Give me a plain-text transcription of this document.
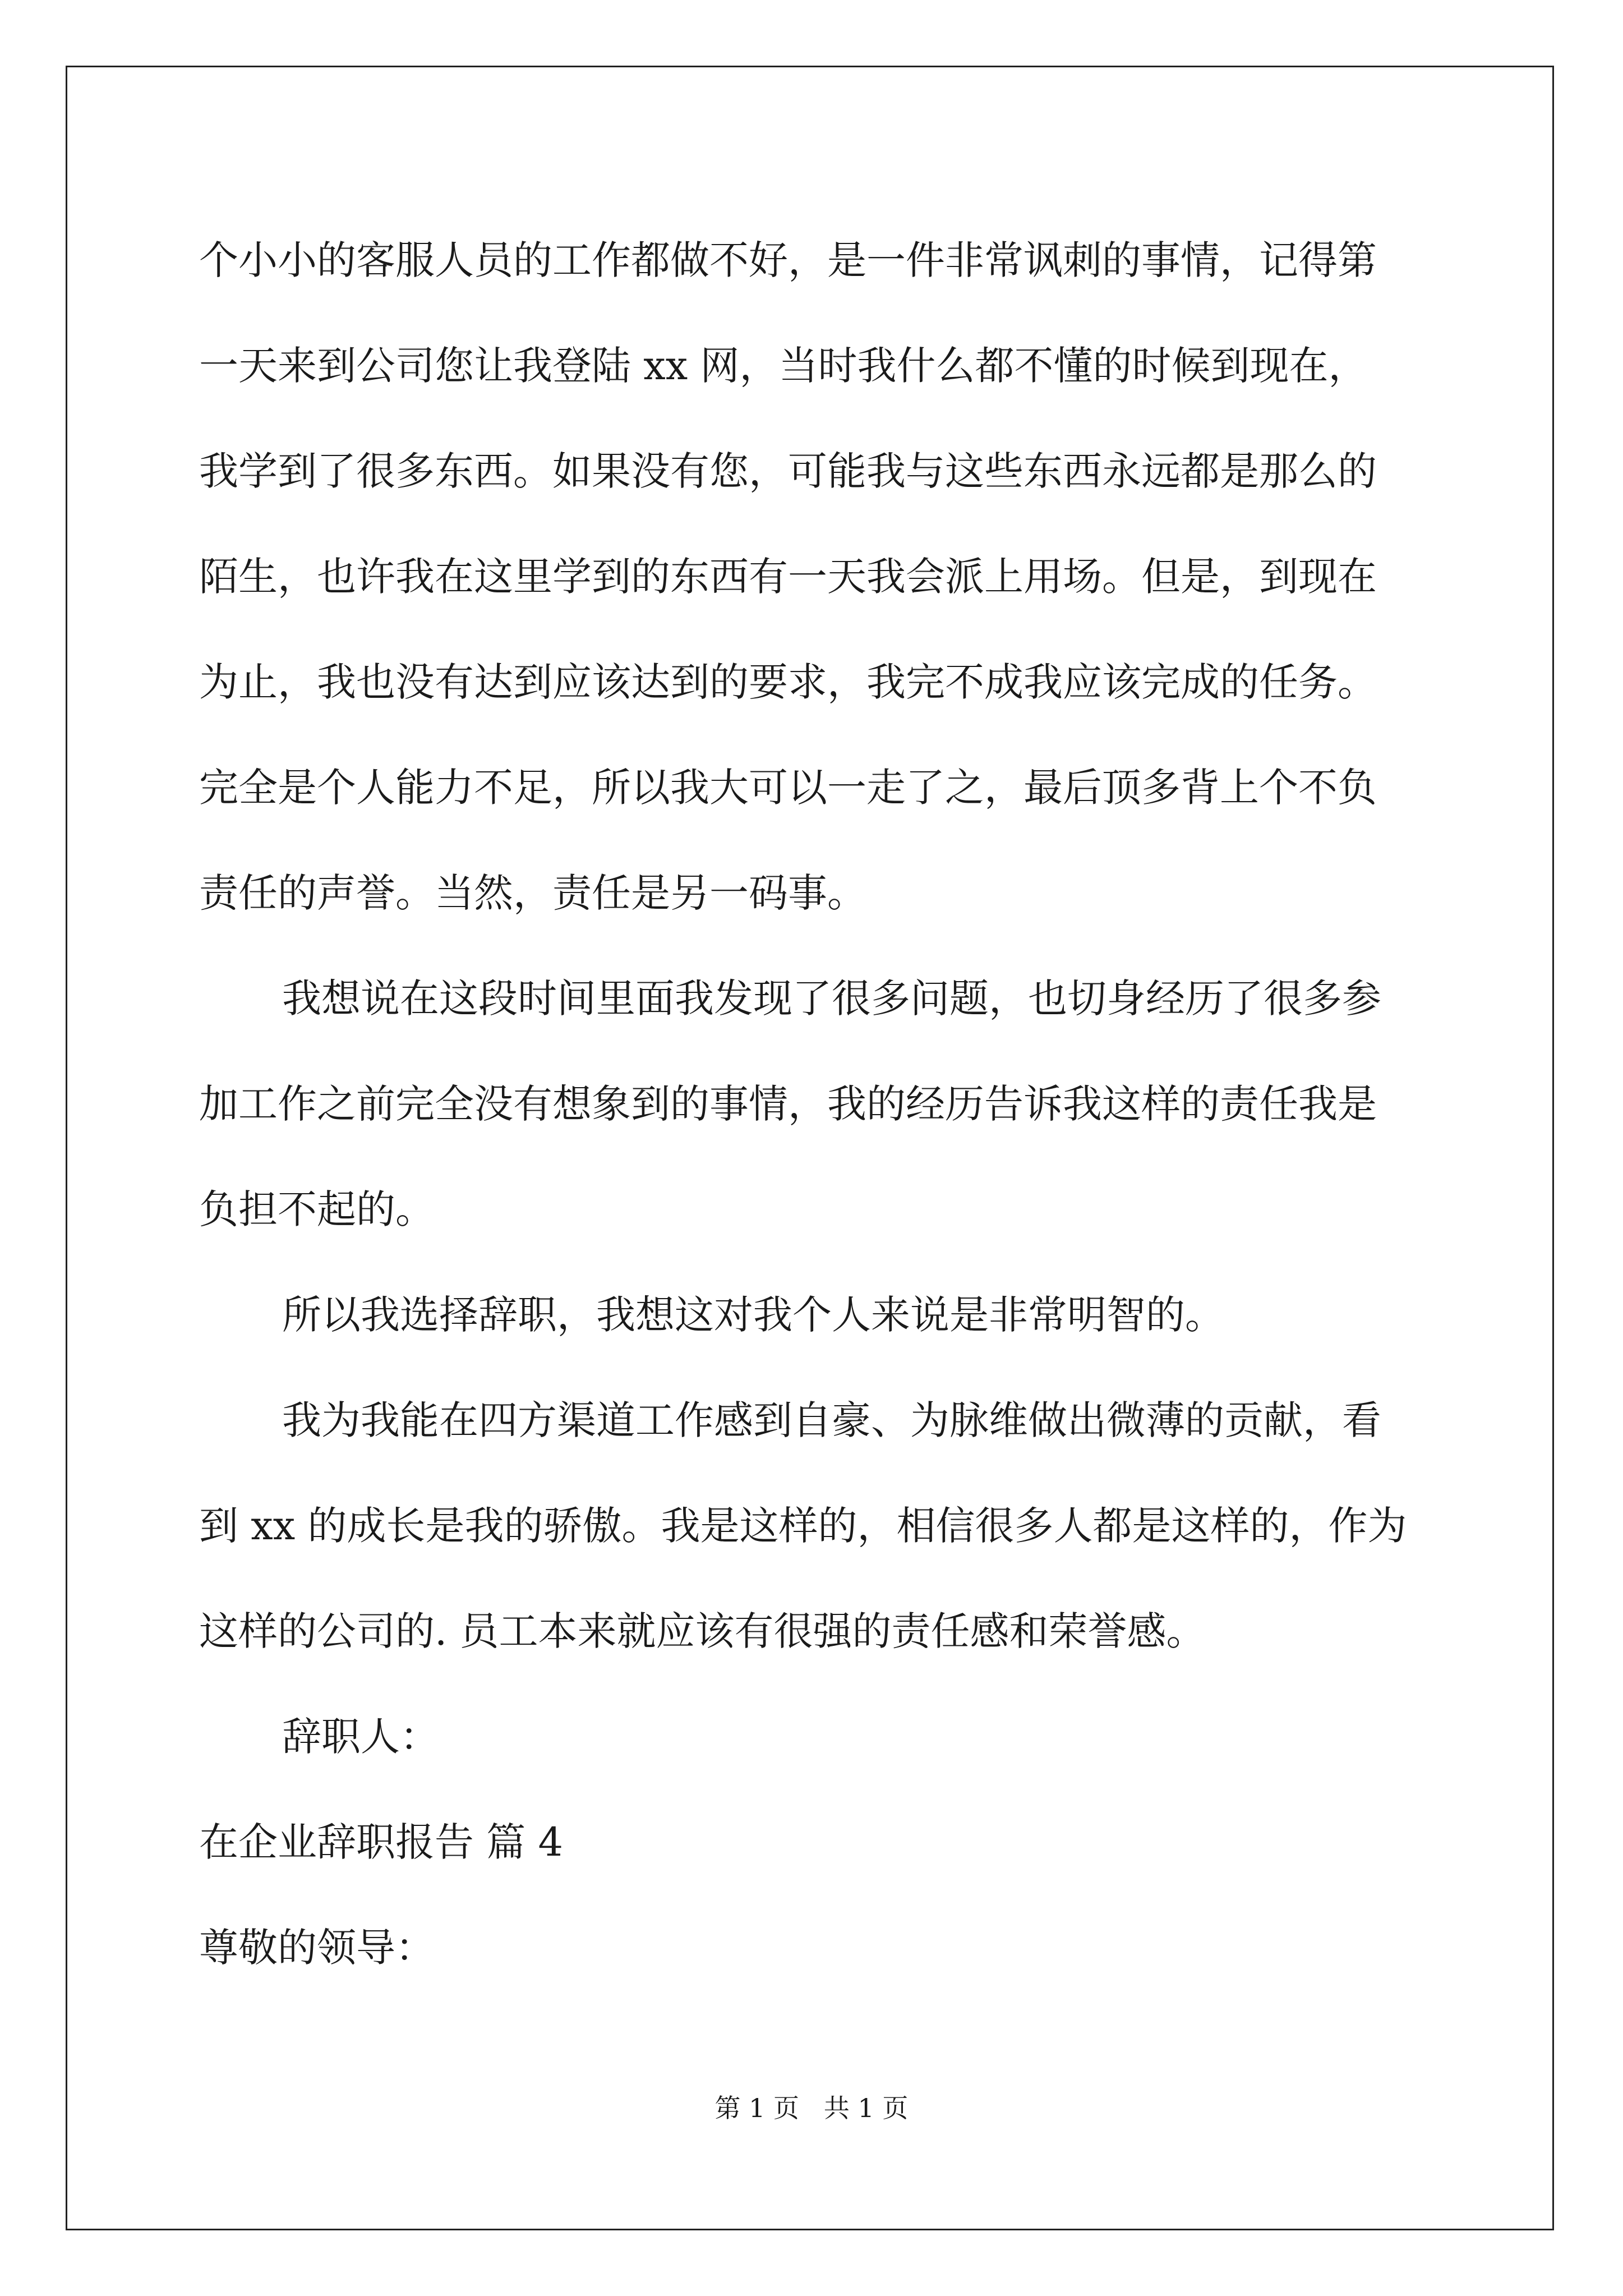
个小小的客服人员的工作都做不好，是一件非常讽刺的事情，记得第

一天来到公司您让我登陆 xx 网，当时我什么都不懂的时候到现在，

我学到了很多东西。如果没有您，可能我与这些东西永远都是那么的

陌生，也许我在这里学到的东西有一天我会派上用场。但是，到现在

为止，我也没有达到应该达到的要求，我完不成我应该完成的任务。

完全是个人能力不足，所以我大可以一走了之，最后顶多背上个不负

责任的声誉。当然，责任是另一码事。

我想说在这段时间里面我发现了很多问题，也切身经历了很多参

加工作之前完全没有想象到的事情，我的经历告诉我这样的责任我是

负担不起的。

所以我选择辞职，我想这对我个人来说是非常明智的。

我为我能在四方渠道工作感到自豪、为脉维做出微薄的贡献，看

到 xx 的成长是我的骄傲。我是这样的，相信很多人都是这样的，作为

这样的公司的. 员工本来就应该有很强的责任感和荣誉感。

辞职人：

在企业辞职报告 篇 4

尊敬的领导：

第 1 页   共 1 页
